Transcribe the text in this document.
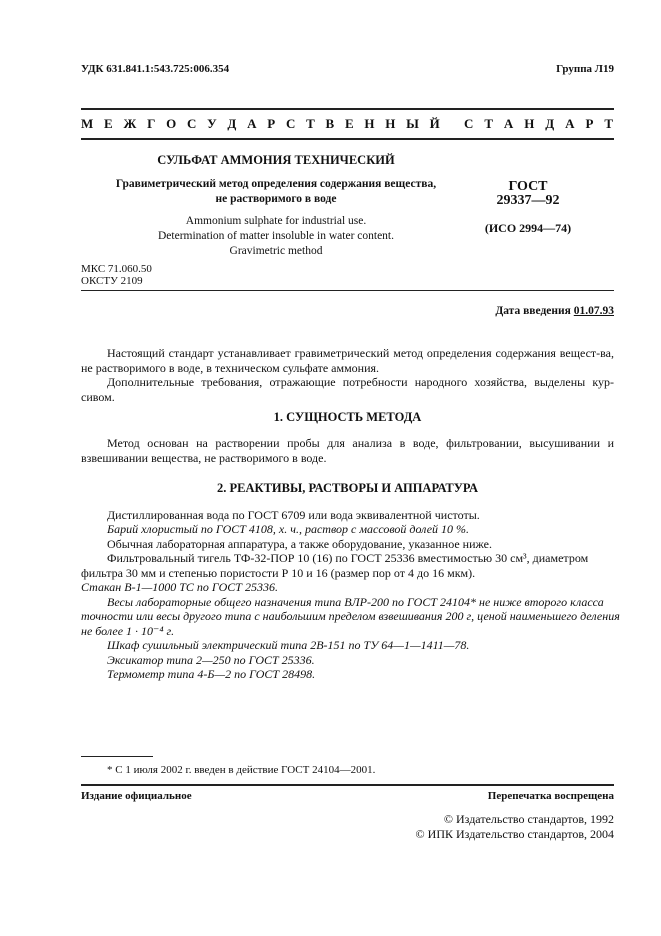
УДК 631.841.1:543.725:006.354	Группа Л19
М Е Ж Г О С У Д А Р С Т В Е Н Н Ы Й С Т А Н Д А Р Т
СУЛЬФАТ АММОНИЯ ТЕХНИЧЕСКИЙ
Гравиметрический метод определения содержания вещества,
не растворимого в воде
Ammonium sulphate for industrial use.
Determination of matter insoluble in water content.
Gravimetric method
ГОСТ
29337—92
(ИСО 2994—74)
МКС 71.060.50
ОКСТУ 2109
Дата введения 01.07.93

Настоящий стандарт устанавливает гравиметрический метод определения содержания вещест-ва, не растворимого в воде, в техническом сульфате аммония.

Дополнительные требования, отражающие потребности народного хозяйства, выделены кур-сивом.

1. СУЩНОСТЬ МЕТОДА

Метод основан на растворении пробы для анализа в воде, фильтровании, высушивании и взвешивании вещества, не растворимого в воде.

2. РЕАКТИВЫ, РАСТВОРЫ И АППАРАТУРА
Дистиллированная вода по ГОСТ 6709 или вода эквивалентной чистоты.
Барий хлористый по ГОСТ 4108, х. ч., раствор с массовой долей 10 %.
Обычная лабораторная аппаратура, а также оборудование, указанное ниже.
Фильтровальный тигель ТФ-32-ПОР 10 (16) по ГОСТ 25336 вместимостью 30 см³, диаметром
фильтра 30 мм и степенью пористости Р 10 и 16 (размер пор от 4 до 16 мкм).
Стакан В-1—1000 ТС по ГОСТ 25336.
Весы лабораторные общего назначения типа ВЛР-200 по ГОСТ 24104* не ниже второго класса
точности или весы другого типа с наибольшим пределом взвешивания 200 г, ценой наименьшего деления
не более 1 · 10⁻⁴ г.
Шкаф сушильный электрический типа 2В-151 по ТУ 64—1—1411—78.
Эксикатор типа 2—250 по ГОСТ 25336.
Термометр типа 4-Б—2 по ГОСТ 28498.
* С 1 июля 2002 г. введен в действие ГОСТ 24104—2001.
Издание официальное	Перепечатка воспрещена
© Издательство стандартов, 1992
© ИПК Издательство стандартов, 2004
